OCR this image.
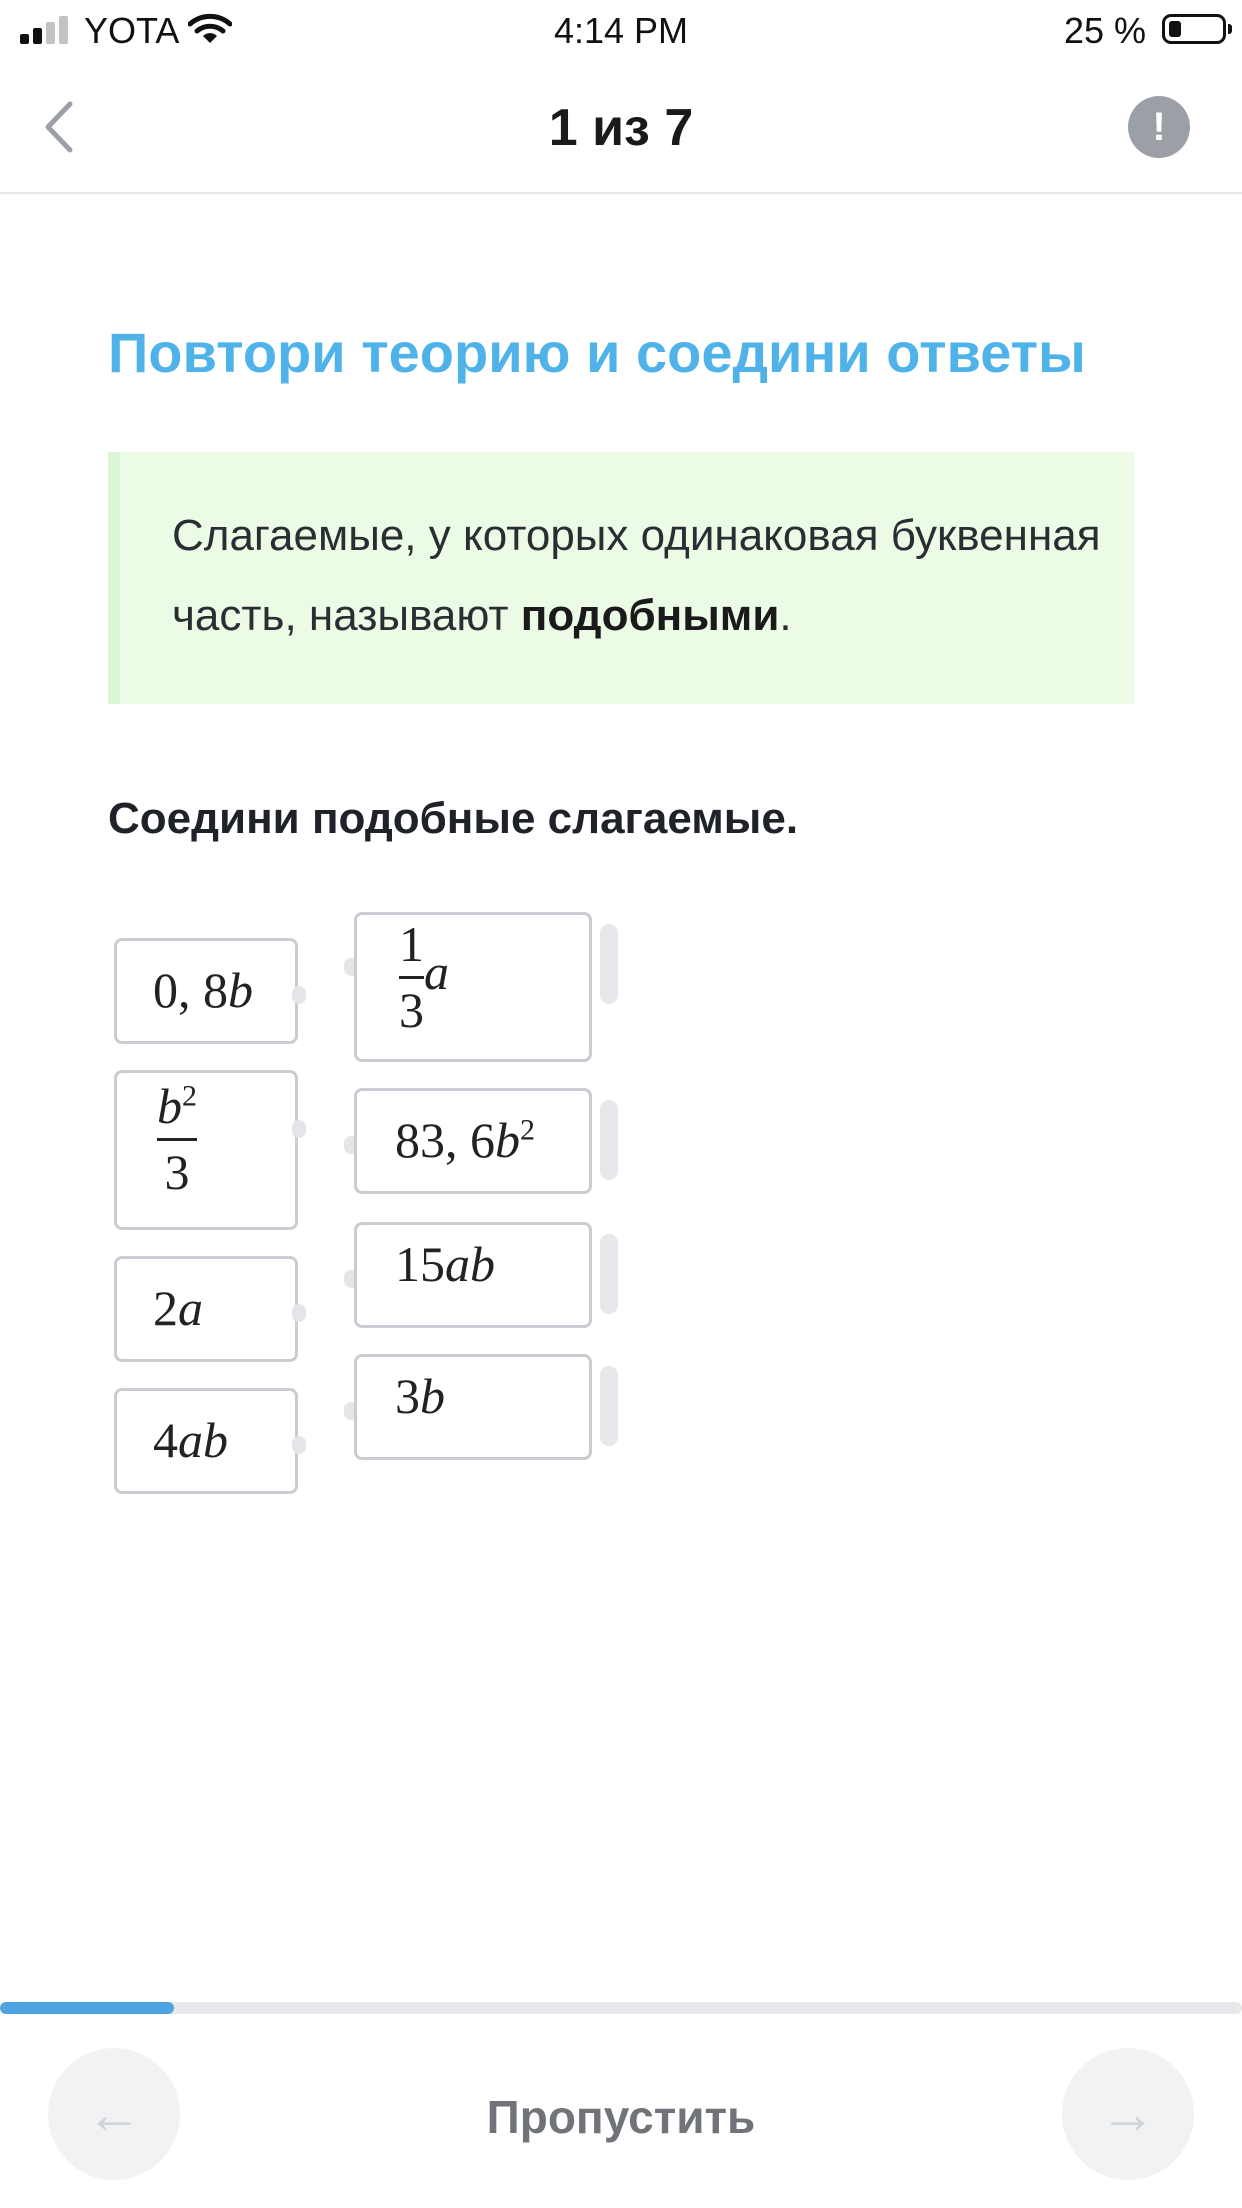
YOTA	4:14 PM	25 %
1 из 7	!
Повтори теорию и соедини ответы
Слагаемые, у которых одинаковая буквенная часть, называют подобными.
Соедини подобные слагаемые.
0, 8b
$\frac{b^2}{3}$
2a
4ab
$\frac{1}{3}$ a
83, $6b^2$
15ab
3b
←	Пропустить	→
